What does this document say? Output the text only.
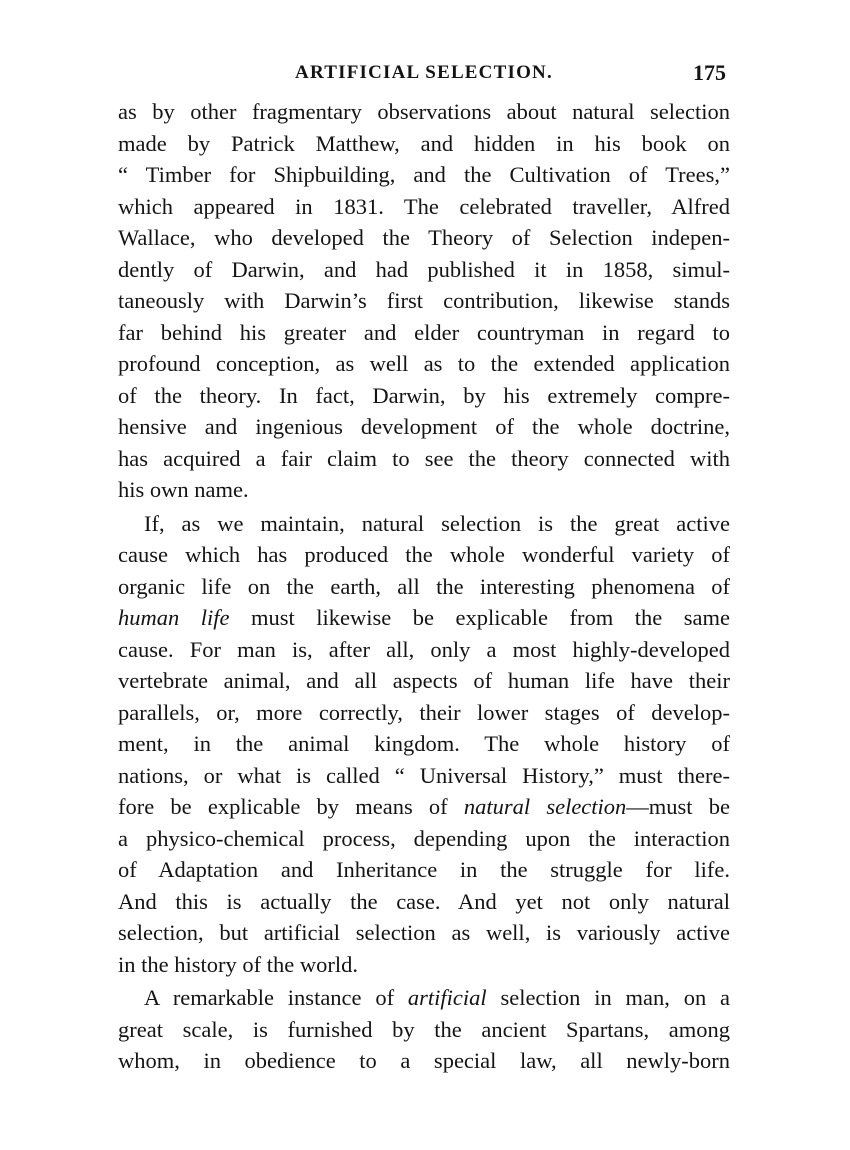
ARTIFICIAL SELECTION.	175
as by other fragmentary observations about natural selection
made by Patrick Matthew, and hidden in his book on
“ Timber for Shipbuilding, and the Cultivation of Trees,”
which appeared in 1831. The celebrated traveller, Alfred
Wallace, who developed the Theory of Selection indepen-
dently of Darwin, and had published it in 1858, simul-
taneously with Darwin’s first contribution, likewise stands
far behind his greater and elder countryman in regard to
profound conception, as well as to the extended application
of the theory. In fact, Darwin, by his extremely compre-
hensive and ingenious development of the whole doctrine,
has acquired a fair claim to see the theory connected with
his own name.
If, as we maintain, natural selection is the great active
cause which has produced the whole wonderful variety of
organic life on the earth, all the interesting phenomena of
human life must likewise be explicable from the same
cause. For man is, after all, only a most highly-developed
vertebrate animal, and all aspects of human life have their
parallels, or, more correctly, their lower stages of develop-
ment, in the animal kingdom. The whole history of
nations, or what is called “ Universal History,” must there-
fore be explicable by means of natural selection—must be
a physico-chemical process, depending upon the interaction
of Adaptation and Inheritance in the struggle for life.
And this is actually the case. And yet not only natural
selection, but artificial selection as well, is variously active
in the history of the world.
A remarkable instance of artificial selection in man, on a
great scale, is furnished by the ancient Spartans, among
whom, in obedience to a special law, all newly-born
